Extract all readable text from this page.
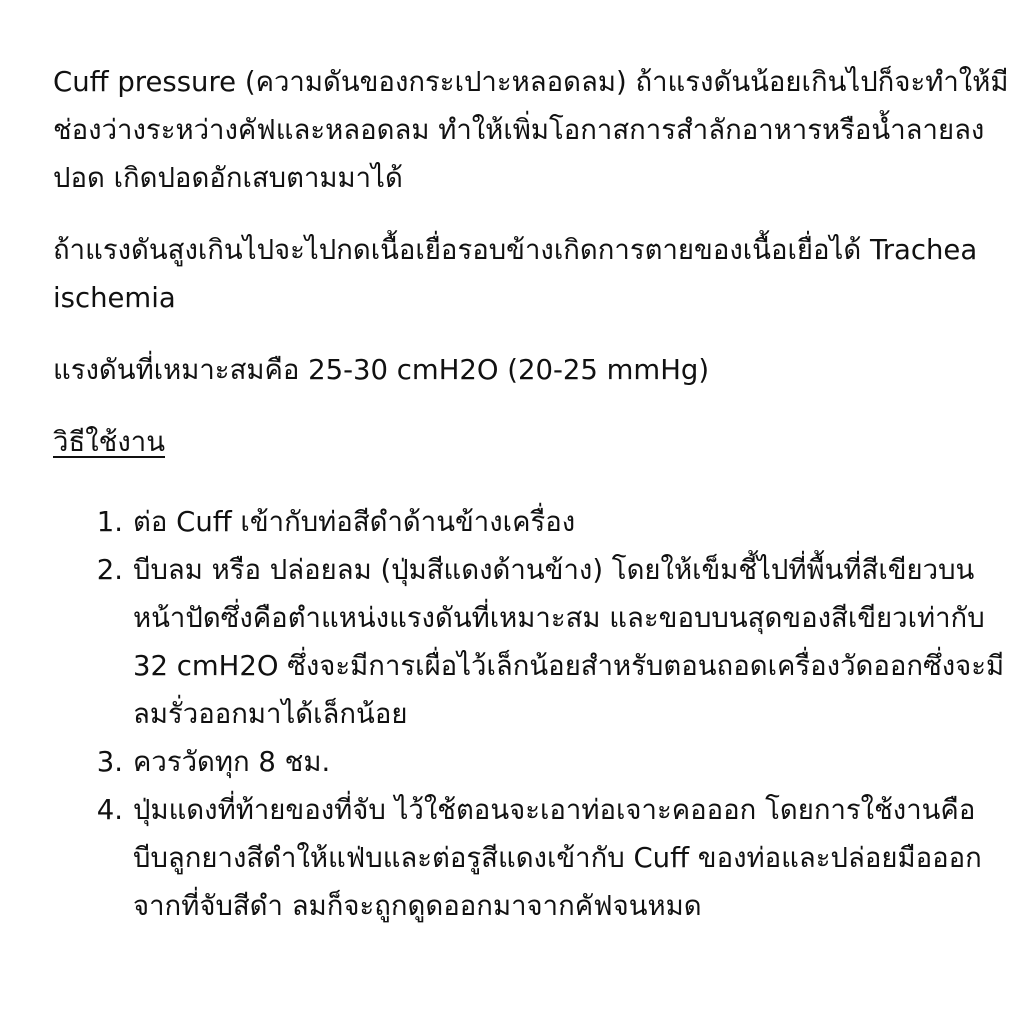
Cuff pressure (ความดันของกระเปาะหลอดลม) ถ้าแรงดันน้อยเกินไปก็จะทำให้มีช่องว่างระหว่างคัฟและหลอดลม ทำให้เพิ่มโอกาสการสำลักอาหารหรือน้ำลายลงปอด เกิดปอดอักเสบตามมาได้

ถ้าแรงดันสูงเกินไปจะไปกดเนื้อเยื่อรอบข้างเกิดการตายของเนื้อเยื่อได้ Trachea ischemia

แรงดันที่เหมาะสมคือ 25-30 cmH2O (20-25 mmHg)

วิธีใช้งาน
1. ต่อ Cuff เข้ากับท่อสีดำด้านข้างเครื่อง
2. บีบลม หรือ ปล่อยลม (ปุ่มสีแดงด้านข้าง) โดยให้เข็มชี้ไปที่พื้นที่สีเขียวบนหน้าปัดซึ่งคือตำแหน่งแรงดันที่เหมาะสม และขอบบนสุดของสีเขียวเท่ากับ 32 cmH2O ซึ่งจะมีการเผื่อไว้เล็กน้อยสำหรับตอนถอดเครื่องวัดออกซึ่งจะมีลมรั่วออกมาได้เล็กน้อย
3. ควรวัดทุก 8 ชม.
4. ปุ่มแดงที่ท้ายของที่จับ ไว้ใช้ตอนจะเอาท่อเจาะคอออก โดยการใช้งานคือ บีบลูกยางสีดำให้แฟ่บและต่อรูสีแดงเข้ากับ Cuff ของท่อและปล่อยมือออกจากที่จับสีดำ ลมก็จะถูกดูดออกมาจากคัฟจนหมด
